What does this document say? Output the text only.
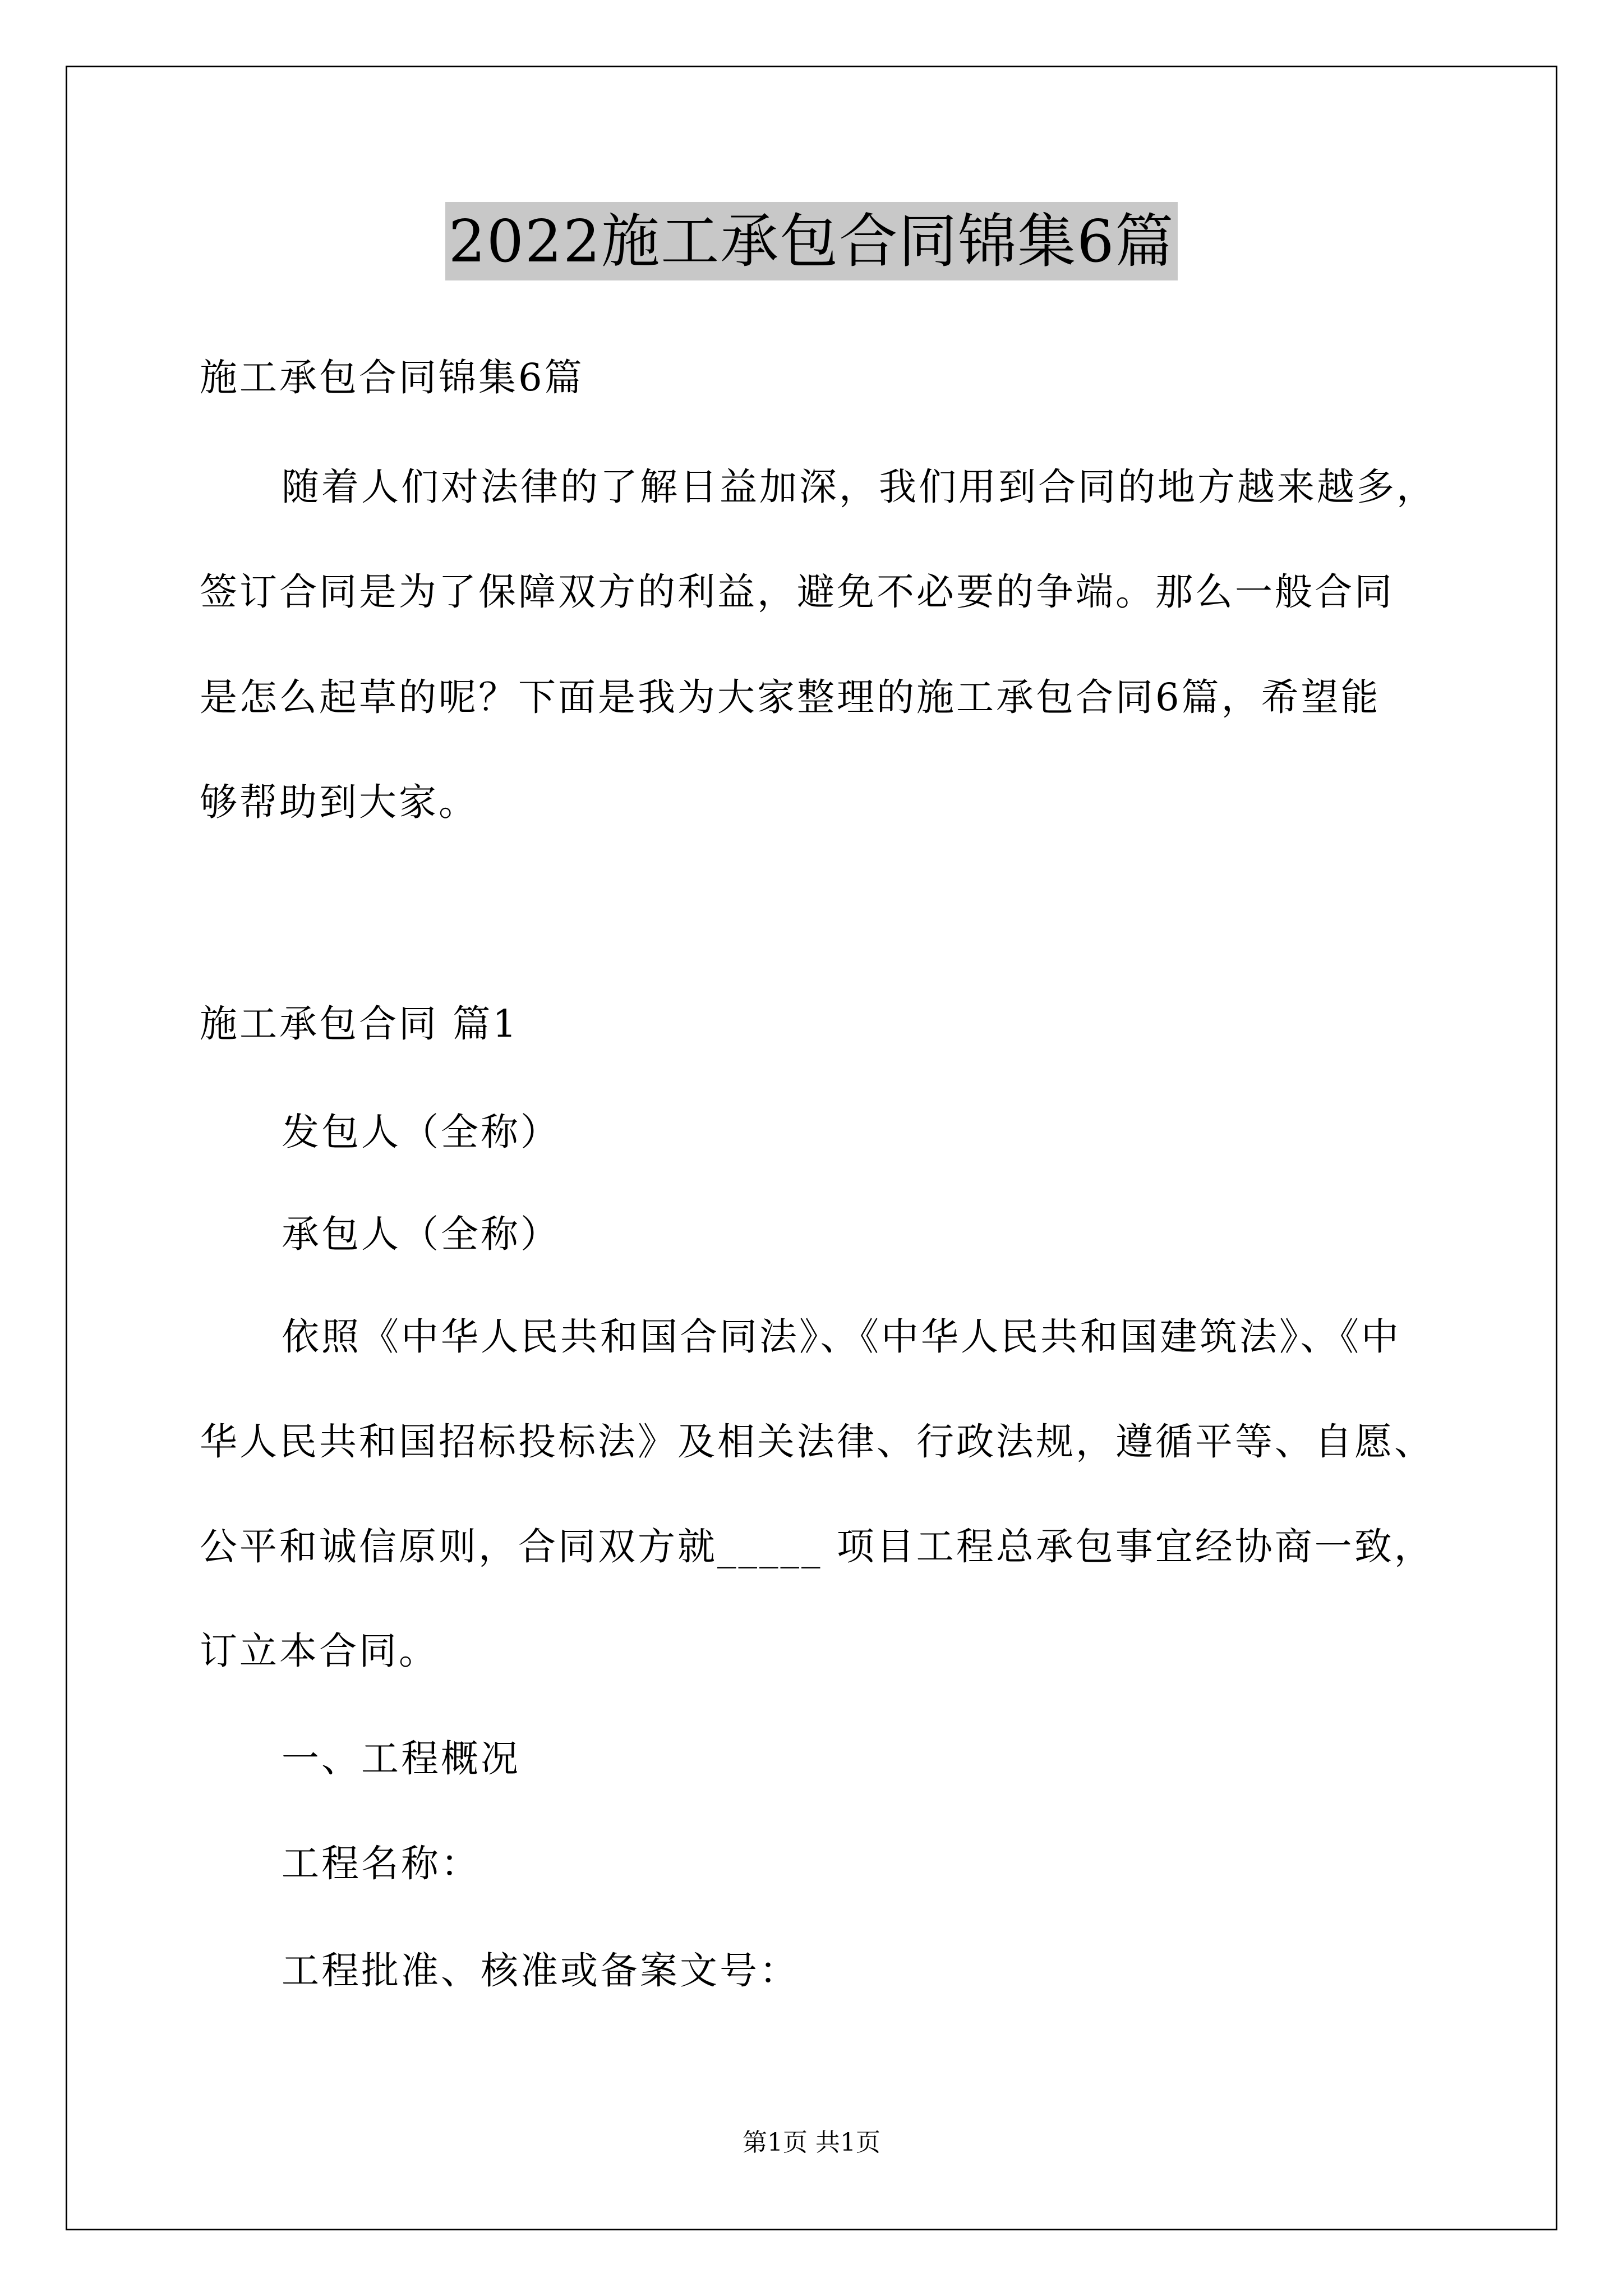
2022施工承包合同锦集6篇
施工承包合同锦集6篇
随着人们对法律的了解日益加深，我们用到合同的地方越来越多，
签订合同是为了保障双方的利益，避免不必要的争端。那么一般合同
是怎么起草的呢？下面是我为大家整理的施工承包合同6篇，希望能
够帮助到大家。
施工承包合同 篇1
发包人（全称）
承包人（全称）
依照《中华人民共和国合同法》、《中华人民共和国建筑法》、《中
华人民共和国招标投标法》及相关法律、行政法规，遵循平等、自愿、
公平和诚信原则，合同双方就_____ 项目工程总承包事宜经协商一致，
订立本合同。
一、工程概况
工程名称：
工程批准、核准或备案文号：
第1页 共1页
